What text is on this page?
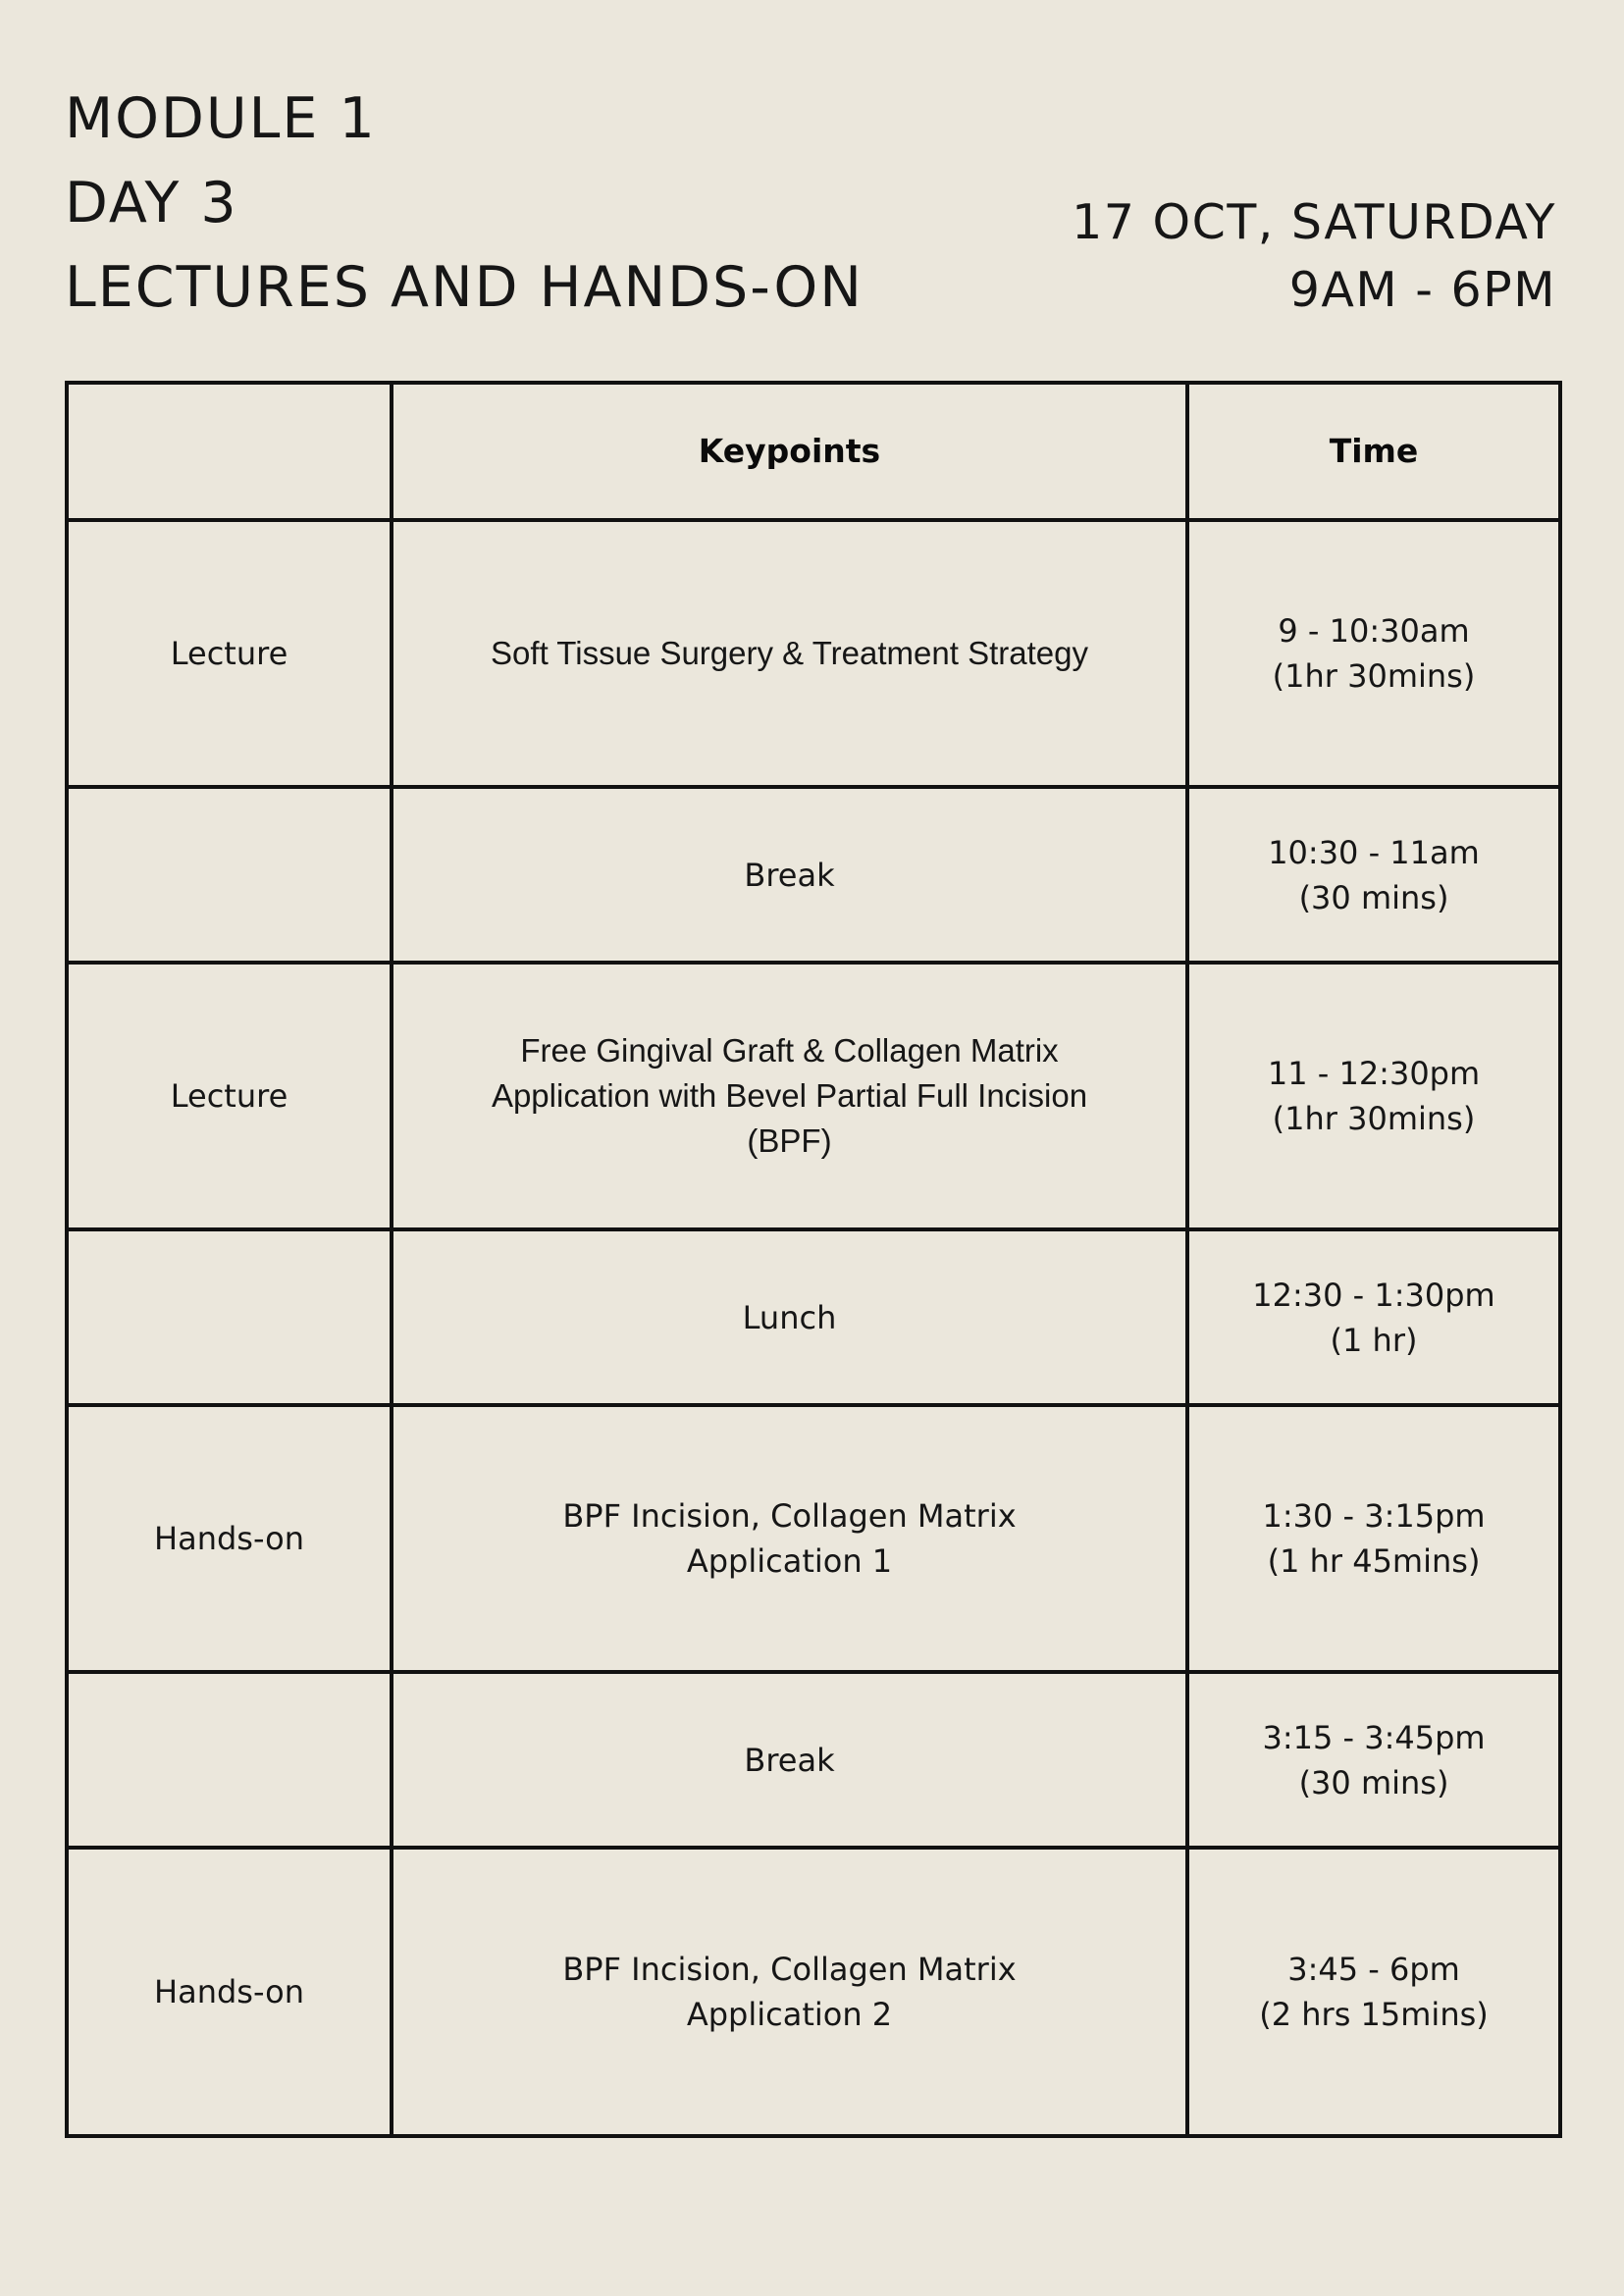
MODULE 1
DAY 3
LECTURES AND HANDS-ON
17 OCT, SATURDAY
9AM - 6PM
	Keypoints	Time
Lecture	Soft Tissue Surgery & Treatment Strategy	9 - 10:30am
(1hr 30mins)

	Break	10:30 - 11am
(30 mins)

Lecture	Free Gingival Graft & Collagen Matrix
Application with Bevel Partial Full Incision
(BPF)	11 - 12:30pm
(1hr 30mins)

	Lunch	12:30 - 1:30pm
(1 hr)

Hands-on	BPF Incision, Collagen Matrix
Application 1	1:30 - 3:15pm
(1 hr 45mins)

	Break	3:15 - 3:45pm
(30 mins)

Hands-on	BPF Incision, Collagen Matrix
Application 2	3:45 - 6pm
(2 hrs 15mins)
